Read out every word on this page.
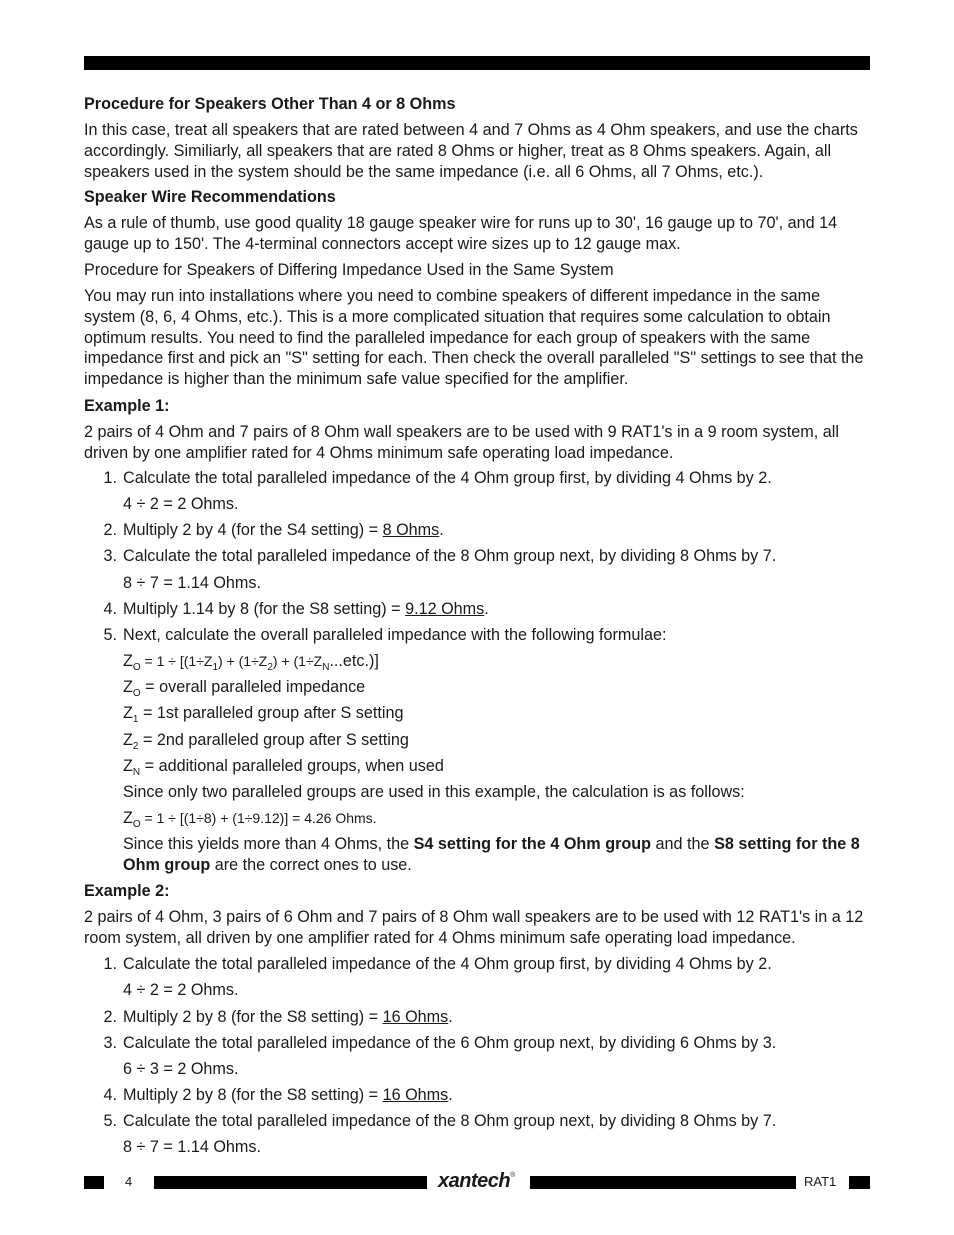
Procedure for Speakers Other Than 4 or 8 Ohms
In this case, treat all speakers that are rated between 4 and 7 Ohms as 4 Ohm speakers, and use the charts accordingly. Similiarly, all speakers that are rated 8 Ohms or higher, treat as 8 Ohms speakers. Again, all speakers used in the system should be the same impedance (i.e. all 6 Ohms, all 7 Ohms, etc.).
Speaker Wire Recommendations
As a rule of thumb, use good quality 18 gauge speaker wire for runs up to 30', 16 gauge up to 70', and 14 gauge up to 150'. The 4-terminal connectors accept wire sizes up to 12 gauge max.
Procedure for Speakers of Differing Impedance Used in the Same System
You may run into installations where you need to combine speakers of different impedance in the same system (8, 6, 4 Ohms, etc.). This is a more complicated situation that requires some calculation to obtain optimum results. You need to find the paralleled impedance for each group of speakers with the same impedance first and pick an "S" setting for each. Then check the overall paralleled "S" settings to see that the impedance is higher than the minimum safe value specified for the amplifier.
Example 1:
2 pairs of 4 Ohm and 7 pairs of 8 Ohm wall speakers are to be used with 9 RAT1's in a 9 room system, all driven by one amplifier rated for 4 Ohms minimum safe operating load impedance.
1. Calculate the total paralleled impedance of the 4 Ohm group first, by dividing 4 Ohms by 2.
4 ÷ 2 = 2 Ohms.
2. Multiply 2 by 4 (for the S4 setting) = 8 Ohms.
3. Calculate the total paralleled impedance of the 8 Ohm group next, by dividing 8 Ohms by 7.
8 ÷ 7 = 1.14 Ohms.
4. Multiply 1.14 by 8 (for the S8 setting) = 9.12 Ohms.
5. Next, calculate the overall paralleled impedance with the following formulae:
$Z_O = 1 \div [(1\div Z_1) + (1\div Z_2) + (1\div Z_N...etc.)]$
$Z_O$ = overall paralleled impedance
$Z_1 = 1st$ paralleled group after S setting
$Z_2 = 2nd$ paralleled group after S setting
$Z_N$ = additional paralleled groups, when used
Since only two paralleled groups are used in this example, the calculation is as follows:
$Z_O = 1 \div [(1\div 8) + (1\div 9.12)] = 4.26$ Ohms.
Since this yields more than 4 Ohms, the S4 setting for the 4 Ohm group and the S8 setting for the 8 Ohm group are the correct ones to use.
Example 2:
2 pairs of 4 Ohm, 3 pairs of 6 Ohm and 7 pairs of 8 Ohm wall speakers are to be used with 12 RAT1's in a 12 room system, all driven by one amplifier rated for 4 Ohms minimum safe operating load impedance.
1. Calculate the total paralleled impedance of the 4 Ohm group first, by dividing 4 Ohms by 2.
4 ÷ 2 = 2 Ohms.
2. Multiply 2 by 8 (for the S8 setting) = 16 Ohms.
3. Calculate the total paralleled impedance of the 6 Ohm group next, by dividing 6 Ohms by 3.
6 ÷ 3 = 2 Ohms.
4. Multiply 2 by 8 (for the S8 setting) = 16 Ohms.
5. Calculate the total paralleled impedance of the 8 Ohm group next, by dividing 8 Ohms by 7.
8 ÷ 7 = 1.14 Ohms.
4	xantech®	RAT1
